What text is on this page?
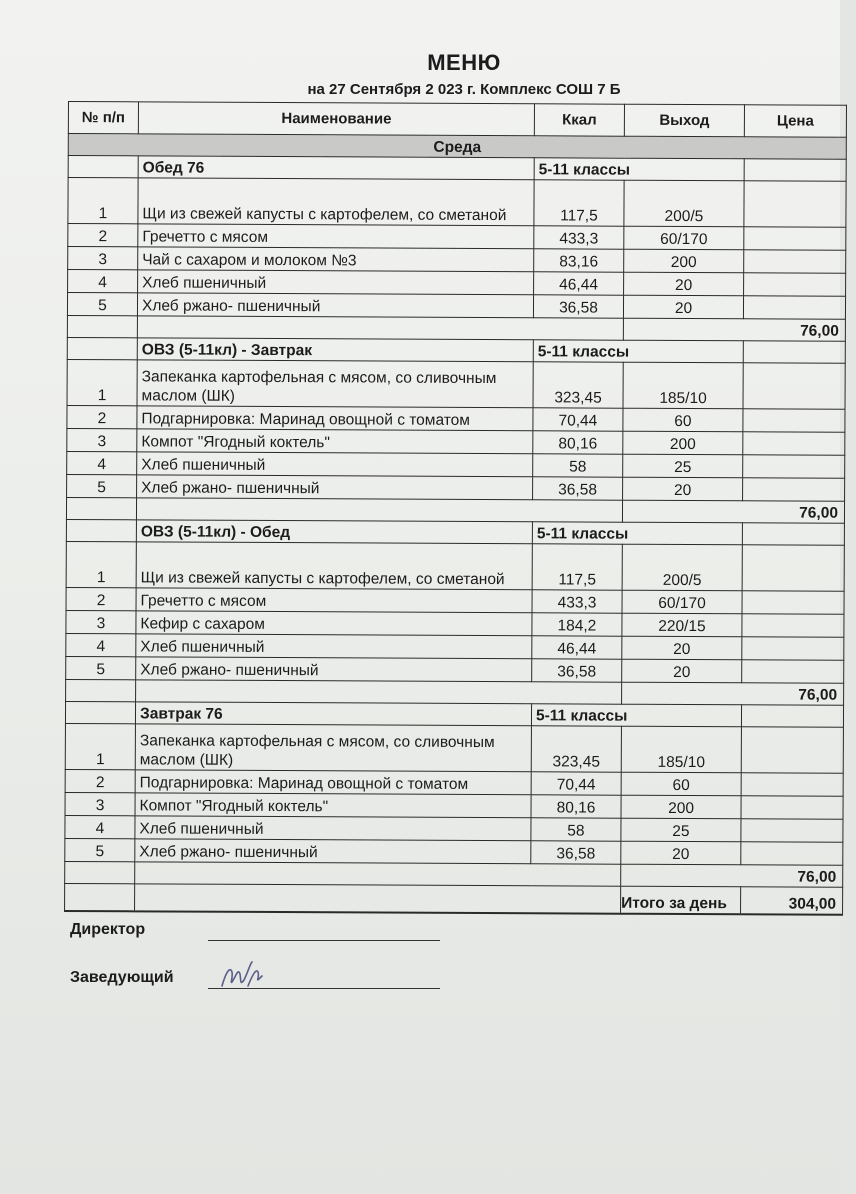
МЕНЮ
на 27 Сентября 2 023 г. Комплекс СОШ 7 Б
№ п/п	Наименование	Ккал	Выход	Цена
Среда				
	Обед 76	5-11 классы		
1	Щи из свежей капусты с картофелем, со сметаной	117,5	200/5	
2	Гречетто с мясом	433,3	60/170	
3	Чай с сахаром и молоком №3	83,16	200	
4	Хлеб пшеничный	46,44	20	
5	Хлеб ржано- пшеничный	36,58	20	
			76,00	
	ОВЗ (5-11кл) - Завтрак	5-11 классы		
1	Запеканка картофельная с мясом, со сливочным маслом (ШК)	323,45	185/10	
2	Подгарнировка: Маринад овощной с томатом	70,44	60	
3	Компот "Ягодный коктель"	80,16	200	
4	Хлеб пшеничный	58	25	
5	Хлеб ржано- пшеничный	36,58	20	
			76,00	
	ОВЗ (5-11кл) - Обед	5-11 классы		
1	Щи из свежей капусты с картофелем, со сметаной	117,5	200/5	
2	Гречетто с мясом	433,3	60/170	
3	Кефир с сахаром	184,2	220/15	
4	Хлеб пшеничный	46,44	20	
5	Хлеб ржано- пшеничный	36,58	20	
			76,00	
	Завтрак 76	5-11 классы		
1	Запеканка картофельная с мясом, со сливочным маслом (ШК)	323,45	185/10	
2	Подгарнировка: Маринад овощной с томатом	70,44	60	
3	Компот "Ягодный коктель"	80,16	200	
4	Хлеб пшеничный	58	25	
5	Хлеб ржано- пшеничный	36,58	20	
			76,00	
			Итого за день	304,00
Директор
Заведующий
